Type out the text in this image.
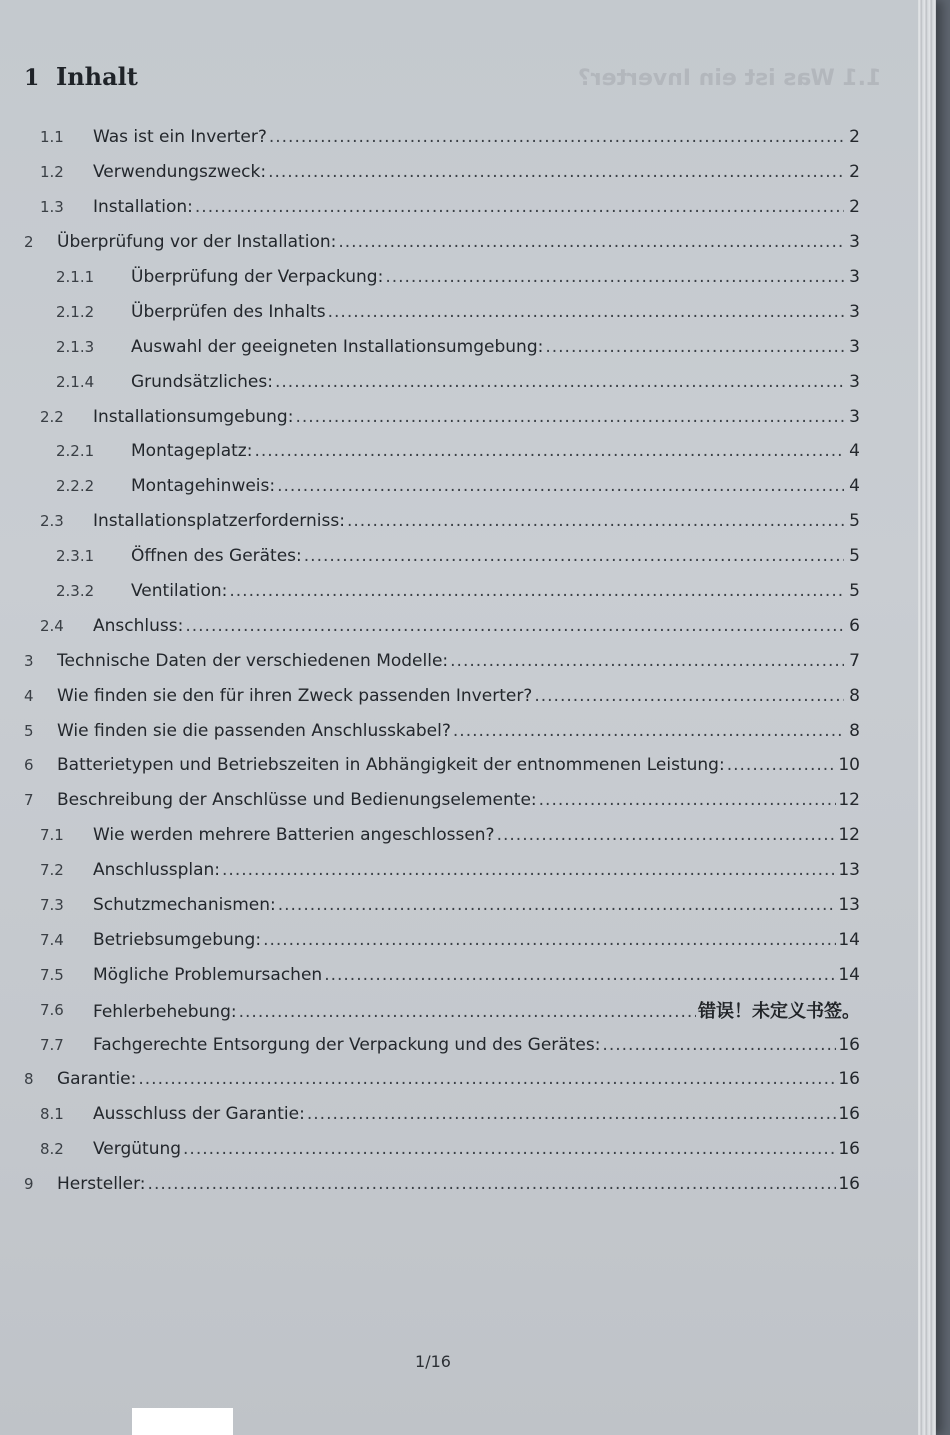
1.1 Was ist ein Inverter?
1 Inhalt
1.1 Was ist ein Inverter? .....	2
1.2 Verwendungszweck: .....	2
1.3 Installation: .....	2
2 Überprüfung vor der Installation: .....	3
2.1.1 Überprüfung der Verpackung: .....	3
2.1.2 Überprüfen des Inhalts .....	3
2.1.3 Auswahl der geeigneten Installationsumgebung: .....	3
2.1.4 Grundsätzliches: .....	3
2.2 Installationsumgebung: .....	3
2.2.1 Montageplatz: .....	4
2.2.2 Montagehinweis: .....	4
2.3 Installationsplatzerforderniss: .....	5
2.3.1 Öffnen des Gerätes: .....	5
2.3.2 Ventilation: .....	5
2.4 Anschluss: .....	6
3 Technische Daten der verschiedenen Modelle: .....	7
4 Wie finden sie den für ihren Zweck passenden Inverter? .....	8
5 Wie finden sie die passenden Anschlusskabel? .....	8
6 Batterietypen und Betriebszeiten in Abhängigkeit der entnommenen Leistung: .....	10
7 Beschreibung der Anschlüsse und Bedienungselemente: .....	12
7.1 Wie werden mehrere Batterien angeschlossen? .....	12
7.2 Anschlussplan: .....	13
7.3 Schutzmechanismen: .....	13
7.4 Betriebsumgebung: .....	14
7.5 Mögliche Problemursachen .....	14
7.6 Fehlerbehebung: .....	错误！未定义书签。
7.7 Fachgerechte Entsorgung der Verpackung und des Gerätes: .....	16
8 Garantie: .....	16
8.1 Ausschluss der Garantie: .....	16
8.2 Vergütung .....	16
9 Hersteller: .....	16
1/16
